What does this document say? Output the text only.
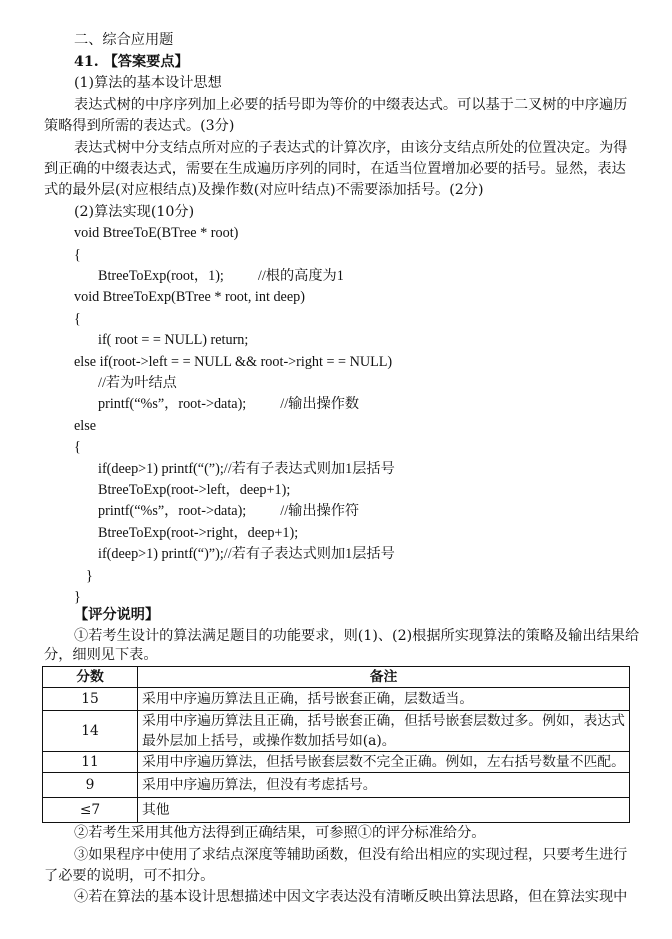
二、综合应用题
41. 【答案要点】
(1)算法的基本设计思想
表达式树的中序序列加上必要的括号即为等价的中缀表达式。可以基于二叉树的中序遍历
策略得到所需的表达式。(3分)
表达式树中分支结点所对应的子表达式的计算次序，由该分支结点所处的位置决定。为得
到正确的中缀表达式，需要在生成遍历序列的同时，在适当位置增加必要的括号。显然，表达
式的最外层(对应根结点)及操作数(对应叶结点)不需要添加括号。(2分)
(2)算法实现(10分)
void BtreeToE(BTree * root)
{
BtreeToExp(root，1); //根的高度为1
void BtreeToExp(BTree * root, int deep)
{
if( root = = NULL) return;
else if(root->left = = NULL && root->right = = NULL)
//若为叶结点
printf(“%s”，root->data); //输出操作数
else
{
if(deep>1) printf(“(”);//若有子表达式则加1层括号
BtreeToExp(root->left，deep+1);
printf(“%s”，root->data); //输出操作符
BtreeToExp(root->right，deep+1);
if(deep>1) printf(“)”);//若有子表达式则加1层括号
}
}
【评分说明】
①若考生设计的算法满足题目的功能要求，则(1)、(2)根据所实现算法的策略及输出结果给
分，细则见下表。
分数	备注
15	采用中序遍历算法且正确，括号嵌套正确，层数适当。
14	采用中序遍历算法且正确，括号嵌套正确，但括号嵌套层数过多。例如，表达式
最外层加上括号，或操作数加括号如(a)。

11	采用中序遍历算法，但括号嵌套层数不完全正确。例如，左右括号数量不匹配。
9	采用中序遍历算法，但没有考虑括号。
≤7	其他
②若考生采用其他方法得到正确结果，可参照①的评分标准给分。
③如果程序中使用了求结点深度等辅助函数，但没有给出相应的实现过程，只要考生进行
了必要的说明，可不扣分。
④若在算法的基本设计思想描述中因文字表达没有清晰反映出算法思路，但在算法实现中
